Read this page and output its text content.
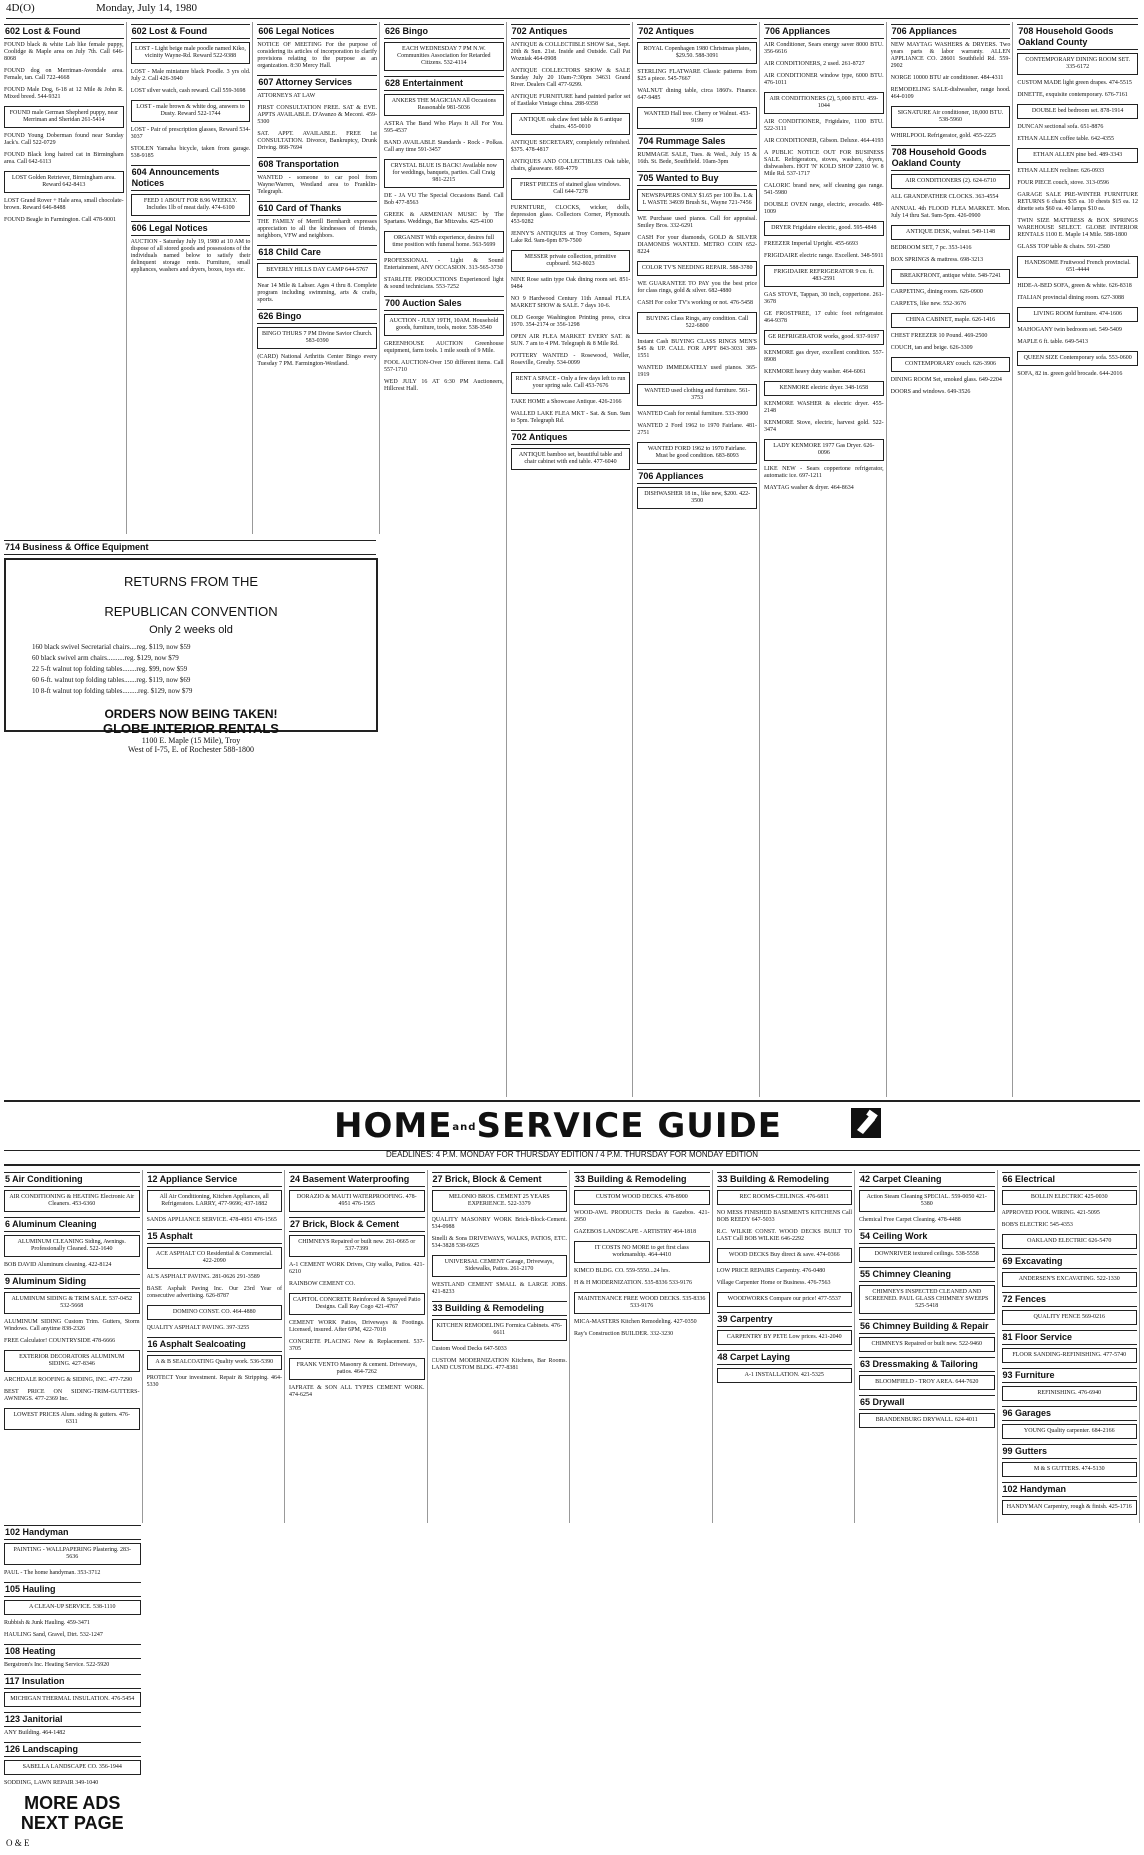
4D(O)	Monday, July 14, 1980
602 Lost & Found
FOUND black & white Lab like female puppy, Coolidge & Maple area on July 7th. Call 646-8068
FOUND dog on Merriman-Avondale area. Female, tan. Call 722-4668
FOUND Male Dog, 6-18 at 12 Mile & John R. Mixed breed. 544-9321
FOUND male German Shepherd puppy, near Merriman and Sheridan 261-5414
FOUND Young Doberman found near Sunday Jack's. Call 522-0729
FOUND Black long haired cat in Birmingham area. Call 642-6113
LOST Golden Retriever, Birmingham area. Reward 642-8413
LOST Grand Rover + Hale area, small chocolate-brown. Reward 646-8488
FOUND Beagle in Farmington. Call 478-9001
602 Lost & Found
LOST - Light beige male poodle named Kiko, vicinity Wayne-Rd. Reward 522-9388
LOST - Male miniature black Poodle. 3 yrs old. July 2. Call 426-3940
LOST silver watch, cash reward. Call 559-3698
LOST - male brown & white dog, answers to Dusty. Reward 522-1744
LOST - Pair of prescription glasses, Reward 534-3037
STOLEN Yamaha bicycle, taken from garage. 538-9185
604 Announcements Notices
FEED 1 ABOUT FOR 8.96 WEEKLY. Includes 1lb of meat daily. 474-6100
606 Legal Notices
AUCTION - Saturday July 19, 1980 at 10 AM to dispose of all stored goods and possessions of the individuals named below to satisfy their delinquent storage rents. Furniture, small appliances, washers and dryers, boxes, toys etc.
606 Legal Notices
NOTICE OF MEETING For the purpose of considering its articles of incorporation to clarify provisions relating to the purpose as an organization. 8:30 Mercy Hall.
607 Attorney Services
ATTORNEYS AT LAW
FIRST CONSULTATION FREE. SAT & EVE. APPTS AVAILABLE. D'Avanzo & Meconi. 459-5300
SAT. APPT. AVAILABLE. FREE 1st CONSULTATION. Divorce, Bankruptcy, Drunk Driving. 868-7694
608 Transportation
WANTED - someone to car pool from Wayne/Warren, Westland area to Franklin-Telegraph.
610 Card of Thanks
THE FAMILY of Merrill Bernhardt expresses appreciation to all the kindnesses of friends, neighbors, VFW and neighbors.
618 Child Care
BEVERLY HILLS DAY CAMP 644-5767
Near 14 Mile & Lahser. Ages 4 thru 8. Complete program including swimming, arts & crafts, sports.
626 Bingo
BINGO THURS 7 PM Divine Savior Church. 583-0390
(CARD) National Arthritis Center Bingo every Tuesday 7 PM. Farmington-Westland.
626 Bingo
EACH WEDNESDAY 7 PM N.W. Communities Association for Retarded Citizens. 532-4114
628 Entertainment
ANKERS THE MAGICIAN All Occasions Reasonable 981-5036
ASTRA The Band Who Plays It All For You. 595-4537
BAND AVAILABLE Standards - Rock - Polkas. Call any time 591-3457
CRYSTAL BLUE IS BACK! Available now for weddings, banquets, parties. Call Craig 981-2215
DE - JA VU The Special Occasions Band. Call Bob 477-8563
GREEK & ARMENIAN MUSIC by The Spartans. Weddings, Bar Mitzvahs. 425-4100
ORGANIST With experience, desires full time position with funeral home. 563-5699
PROFESSIONAL - Light & Sound Entertainment, ANY OCCASION. 313-565-3730
STARLITE PRODUCTIONS Experienced light & sound technicians. 553-7252
700 Auction Sales
AUCTION - JULY 19TH, 10AM. Household goods, furniture, tools, motor. 538-3540
GREENHOUSE AUCTION Greenhouse equipment, farm tools. 1 mile south of 9 Mile.
FOOL AUCTION-Over 150 different items. Call 557-1710
WED JULY 16 AT 6:30 PM Auctioneers, Hillcrest Hall.
702 Antiques
ANTIQUE & COLLECTIBLE SHOW Sat., Sept. 20th & Sun. 21st. Inside and Outside. Call Pat Wozniak 464-0908
ANTIQUE COLLECTORS SHOW & SALE Sunday July 20 10am-7:30pm 34631 Grand River. Dealers Call 477-9299.
ANTIQUE FURNITURE hand painted parlor set of Eastlake Vintage china. 288-9358
ANTIQUE oak claw feet table & 6 antique chairs. 455-0010
ANTIQUE SECRETARY, completely refinished. $375. 478-4817
ANTIQUES AND COLLECTIBLES Oak table, chairs, glassware. 669-4779
FIRST PIECES of stained glass windows. Call 644-7278
FURNITURE, CLOCKS, wicker, dolls, depression glass. Collectors Corner, Plymouth. 453-9282
JENNY'S ANTIQUES at Troy Corners, Square Lake Rd. 9am-6pm 879-7500
MESSER private collection, primitive cupboard. 562-8023
NINE Rose satin type Oak dining room set. 851-9484
NO 9 Hardwood Century 11th Annual FLEA MARKET SHOW & SALE. 7 days 10-6.
OLD George Washington Printing press, circa 1970. 354-2174 or 356-1298
OPEN AIR FLEA MARKET EVERY SAT. & SUN. 7 am to 4 PM. Telegraph & 8 Mile Rd.
POTTERY WANTED - Rosewood, Weller, Roseville, Greuby. 534-0099
RENT A SPACE - Only a few days left to run your spring sale. Call 453-7676
TAKE HOME a Showcase Antique. 426-2166
WALLED LAKE FLEA MKT - Sat. & Sun. 9am to 5pm. Telegraph Rd.
702 Antiques
ANTIQUE bamboo set, beautiful table and chair cabinet with end table. 477-6040
702 Antiques
ROYAL Copenhagen 1980 Christmas plates, $29.50. 588-3091
STERLING FLATWARE Classic patterns from $25 a piece. 545-7667
WALNUT dining table, circa 1860's. Finance. 647-9485
WANTED Hall tree. Cherry or Walnut. 453-9199
704 Rummage Sales
RUMMAGE SALE, Tues. & Wed., July 15 & 16th. St. Bede, Southfield. 10am-3pm
705 Wanted to Buy
NEWSPAPERS ONLY $1.65 per 100 lbs. L & L WASTE 34939 Brush St., Wayne 721-7456
WE Purchase used pianos. Call for appraisal. Smiley Bros. 332-6291
CASH For your diamonds, GOLD & SILVER DIAMONDS WANTED. METRO COIN 652-8224
COLOR TV'S NEEDING REPAIR. 588-3780
WE GUARANTEE TO PAY you the best price for class rings, gold & silver. 682-4880
CASH For color TV's working or not. 476-5458
BUYING Class Rings, any condition. Call 522-6800
Instant Cash BUYING CLASS RINGS MEN'S $45 & UP. CALL FOR APPT 843-3031 389-1551
WANTED IMMEDIATELY used pianos. 365-1919
WANTED used clothing and furniture. 561-3753
WANTED Cash for rental furniture. 533-3900
WANTED 2 Ford 1962 to 1970 Fairlane. 481-2751
WANTED FORD 1962 to 1970 Fairlane. Must be good condition. 683-8093
706 Appliances
DISHWASHER 18 in., like new, $200. 422-3500
706 Appliances
AIR Conditioner, Sears energy saver 8000 BTU. 356-6616
AIR CONDITIONERS, 2 used. 261-8727
AIR CONDITIONER window type, 6000 BTU. 476-1011
AIR CONDITIONERS (2), 5,000 BTU. 459-1044
AIR CONDITIONER, Frigidaire, 1100 BTU. 522-3111
AIR CONDITIONER, Gibson. Deluxe. 464-4193
A PUBLIC NOTICE OUT FOR BUSINESS SALE. Refrigerators, stoves, washers, dryers, dishwashers. HOT 'N' KOLD SHOP 22810 W. 8 Mile Rd. 537-1717
CALORIC brand new, self cleaning gas range. 541-5980
DOUBLE OVEN range, electric, avocado. 489-1009
DRYER Frigidaire electric, good. 595-4848
FREEZER Imperial Upright. 455-6693
FRIGIDAIRE electric range. Excellent. 348-5911
FRIGIDAIRE REFRIGERATOR 9 cu. ft. 483-2591
GAS STOVE, Tappan, 30 inch, coppertone. 261-3678
GE FROSTFREE, 17 cubic foot refrigerator. 464-9378
GE REFRIGERATOR works, good. 937-9197
KENMORE gas dryer, excellent condition. 557-8908
KENMORE heavy duty washer. 464-6061
KENMORE electric dryer. 348-1658
KENMORE WASHER & electric dryer. 455-2148
KENMORE Stove, electric, harvest gold. 522-3474
LADY KENMORE 1977 Gas Dryer. 626-0096
LIKE NEW - Sears coppertone refrigerator, automatic ice. 697-1211
MAYTAG washer & dryer. 464-8634
706 Appliances
NEW MAYTAG WASHERS & DRYERS. Two years parts & labor warranty. ALLEN APPLIANCE CO. 28601 Southfield Rd. 559-2902
NORGE 10000 BTU air conditioner. 484-4311
REMODELING SALE-dishwasher, range hood. 464-0109
SIGNATURE Air conditioner, 18,000 BTU. 538-5960
WHIRLPOOL Refrigerator, gold. 455-2225
708 Household Goods Oakland County
AIR CONDITIONERS (2). 624-6710
ALL GRANDFATHER CLOCKS. 363-4554
ANNUAL 4th FLOOD FLEA MARKET. Mon. July 14 thru Sat. 9am-5pm. 426-0900
ANTIQUE DESK, walnut. 549-1148
BEDROOM SET, 7 pc. 353-1416
BOX SPRINGS & mattress. 698-3213
BREAKFRONT, antique white. 548-7241
CARPETING, dining room. 626-0900
CARPETS, like new. 552-3676
CHINA CABINET, maple. 626-1416
CHEST FREEZER 10 Pound. 469-2500
COUCH, tan and beige. 626-3309
CONTEMPORARY couch. 626-3906
DINING ROOM Set, smoked glass. 649-2204
DOORS and windows. 649-3526
708 Household Goods Oakland County
CONTEMPORARY DINING ROOM SET. 335-6172
CUSTOM MADE light green drapes. 474-5515
DINETTE, exquisite contemporary. 676-7161
DOUBLE bed bedroom set. 878-1914
DUNCAN sectional sofa. 651-8876
ETHAN ALLEN coffee table. 642-4355
ETHAN ALLEN pine bed. 489-3343
ETHAN ALLEN recliner. 626-0933
FOUR PIECE couch, stove. 313-0596
GARAGE SALE PRE-WINTER FURNITURE RETURNS 6 chairs $35 ea. 10 chests $15 ea. 12 dinette sets $60 ea. 40 lamps $10 ea.
TWIN SIZE MATTRESS & BOX SPRINGS WAREHOUSE SELECT. GLOBE INTERIOR RENTALS 1100 E. Maple 14 Mile. 588-1800
GLASS TOP table & chairs. 591-2580
HANDSOME Fruitwood French provincial. 651-4444
HIDE-A-BED SOFA, green & white. 626-8318
ITALIAN provincial dining room. 627-3088
LIVING ROOM furniture. 474-1606
MAHOGANY twin bedroom set. 549-5409
MAPLE 6 ft. table. 649-5413
QUEEN SIZE Contemporary sofa. 553-0600
SOFA, 82 in. green gold brocade. 644-2016
RETURNS FROM THE
REPUBLICAN CONVENTION
Only 2 weeks old
160 black swivel Secretarial chairs....reg. $119, now $59
60 black swivel arm chairs..........reg. $129, now $79
22 5-ft walnut top folding tables........reg. $99, now $59
60 6-ft. walnut top folding tables.......reg. $119, now $69
10 8-ft walnut top folding tables.........reg. $129, now $79
ORDERS NOW BEING TAKEN!
GLOBE INTERIOR RENTALS
1100 E. Maple (15 Mile), Troy
West of I-75, E. of Rochester 588-1800
714 Business & Office Equipment
HOMEandSERVICE GUIDE
DEADLINES: 4 P.M. MONDAY FOR THURSDAY EDITION / 4 P.M. THURSDAY FOR MONDAY EDITION
5 Air Conditioning
AIR CONDITIONING & HEATING Electronic Air Cleaners. 453-6360
6 Aluminum Cleaning
ALUMINUM CLEANING Siding, Awnings. Professionally Cleaned. 522-1640
BOB DAVID Aluminum cleaning. 422-8124
9 Aluminum Siding
ALUMINUM SIDING & TRIM SALE. 537-0452 532-5668
ALUMINUM SIDING Custom Trim. Gutters, Storm Windows. Call anytime 838-2326
FREE Calculator! COUNTRYSIDE 478-6666
EXTERIOR DECORATORS ALUMINUM SIDING. 427-8346
ARCHDALE ROOFING & SIDING, INC. 477-7290
BEST PRICE ON SIDING-TRIM-GUTTERS-AWNINGS. 477-2369 Inc.
LOWEST PRICES Alum. siding & gutters. 476-6311
12 Appliance Service
All Air Conditioning, Kitchen Appliances, all Refrigerators. LARRY, 477-9696; 437-1882
SANDS APPLIANCE SERVICE. 478-4951 476-1565
15 Asphalt
ACE ASPHALT CO Residential & Commercial. 422-2090
AL'S ASPHALT PAVING. 281-0626 291-3589
BASE Asphalt Paving Inc. Our 23rd Year of consecutive advertising. 626-8787
DOMINO CONST. CO. 464-4880
QUALITY ASPHALT PAVING. 397-3255
16 Asphalt Sealcoating
A & B SEALCOATING Quality work. 536-5390
PROTECT Your investment. Repair & Stripping. 464-5330
24 Basement Waterproofing
DORAZIO & MAUTI WATERPROOFING. 478-4951 476-1565
27 Brick, Block & Cement
CHIMNEYS Repaired or built new. 261-0665 or 537-7399
A-1 CEMENT WORK Drives, City walks, Patios. 421-6210
RAINBOW CEMENT CO.
CAPITOL CONCRETE Reinforced & Sprayed Patio Designs. Call Ray Cogo 421-4767
CEMENT WORK Patios, Driveways & Footings. Licensed, insured. After 6PM, 422-7018
CONCRETE PLACING New & Replacement. 537-3705
FRANK VENTO Masonry & cement. Driveways, patios. 464-7262
IAFRATE & SON ALL TYPES CEMENT WORK. 474-6254
27 Brick, Block & Cement
MELONIO BROS. CEMENT 25 YEARS EXPERIENCE. 522-3379
QUALITY MASONRY WORK Brick-Block-Cement. 534-0988
Sinelli & Sons DRIVEWAYS, WALKS, PATIOS, ETC. 534-3828 538-6925
UNIVERSAL CEMENT Garage, Driveways, Sidewalks, Patios. 261-2170
WESTLAND CEMENT SMALL & LARGE JOBS. 421-8233
33 Building & Remodeling
KITCHEN REMODELING Formica Cabinets. 476-6611
Custom Wood Decks 647-5033
CUSTOM MODERNIZATION Kitchens, Bar Rooms. LAND CUSTOM BLDG. 477-8381
33 Building & Remodeling
CUSTOM WOOD DECKS. 478-8900
WOOD-AWL PRODUCTS Decks & Gazebos. 421-2950
GAZEBOS LANDSCAPE - ARTISTRY 464-1818
IT COSTS NO MORE to get first class workmanship. 464-4410
KIMCO BLDG. CO. 559-5550...24 hrs.
H & H MODERNIZATION. 535-8336 533-9176
MAINTENANCE FREE WOOD DECKS. 535-8336 533-9176
MICA-MASTERS Kitchen Remodeling. 427-0350
Ray's Construction BUILDER. 332-3230
33 Building & Remodeling
REC ROOMS-CEILINGS. 476-6811
NO MESS FINISHED BASEMENTS KITCHENS Call BOB REEDY 647-5033
R.C. WILKIE CONST. WOOD DECKS BUILT TO LAST Call BOB WILKIE 646-2292
WOOD DECKS Buy direct & save. 474-0366
LOW PRICE REPAIRS Carpentry. 476-0480
Village Carpenter Home or Business. 476-7563
WOODWORKS Compare our price! 477-5537
39 Carpentry
CARPENTRY BY PETE Low prices. 421-2040
48 Carpet Laying
A-1 INSTALLATION. 421-5325
42 Carpet Cleaning
Action Steam Cleaning SPECIAL. 559-0050 421-5380
Chemical Free Carpet Cleaning. 478-4488
54 Ceiling Work
DOWNRIVER textured ceilings. 538-5558
55 Chimney Cleaning
CHIMNEYS INSPECTED CLEANED AND SCREENED. PAUL GLASS CHIMNEY SWEEPS 525-5418
56 Chimney Building & Repair
CHIMNEYS Repaired or built new. 522-9460
63 Dressmaking & Tailoring
BLOOMFIELD - TROY AREA. 644-7620
65 Drywall
BRANDENBURG DRYWALL. 624-4011
66 Electrical
BOLLIN ELECTRIC 425-0030
APPROVED POOL WIRING. 421-5095
BOB'S ELECTRIC 545-4353
OAKLAND ELECTRIC 626-5470
69 Excavating
ANDERSEN'S EXCAVATING. 522-1330
72 Fences
QUALITY FENCE 569-0216
81 Floor Service
FLOOR SANDING-REFINISHING. 477-5740
93 Furniture
REFINISHING. 476-6940
96 Garages
YOUNG Quality carpenter. 684-2166
99 Gutters
M & S GUTTERS. 474-5130
102 Handyman
HANDYMAN Carpentry, rough & finish. 425-1716
102 Handyman
PAINTING - WALLPAPERING Plastering. 283-5636
PAUL - The home handyman. 353-3712
105 Hauling
A CLEAN-UP SERVICE. 538-1110
Rubbish & Junk Hauling. 459-3471
HAULING Sand, Gravel, Dirt. 532-1247
108 Heating
Bergstrom's Inc. Heating Service. 522-5920
117 Insulation
MICHIGAN THERMAL INSULATION. 476-5454
123 Janitorial
ANY Building. 464-1482
126 Landscaping
SABELLA LANDSCAPE CO. 356-1944
SODDING, LAWN REPAIR 349-1040
MORE ADS NEXT PAGE
O & E
